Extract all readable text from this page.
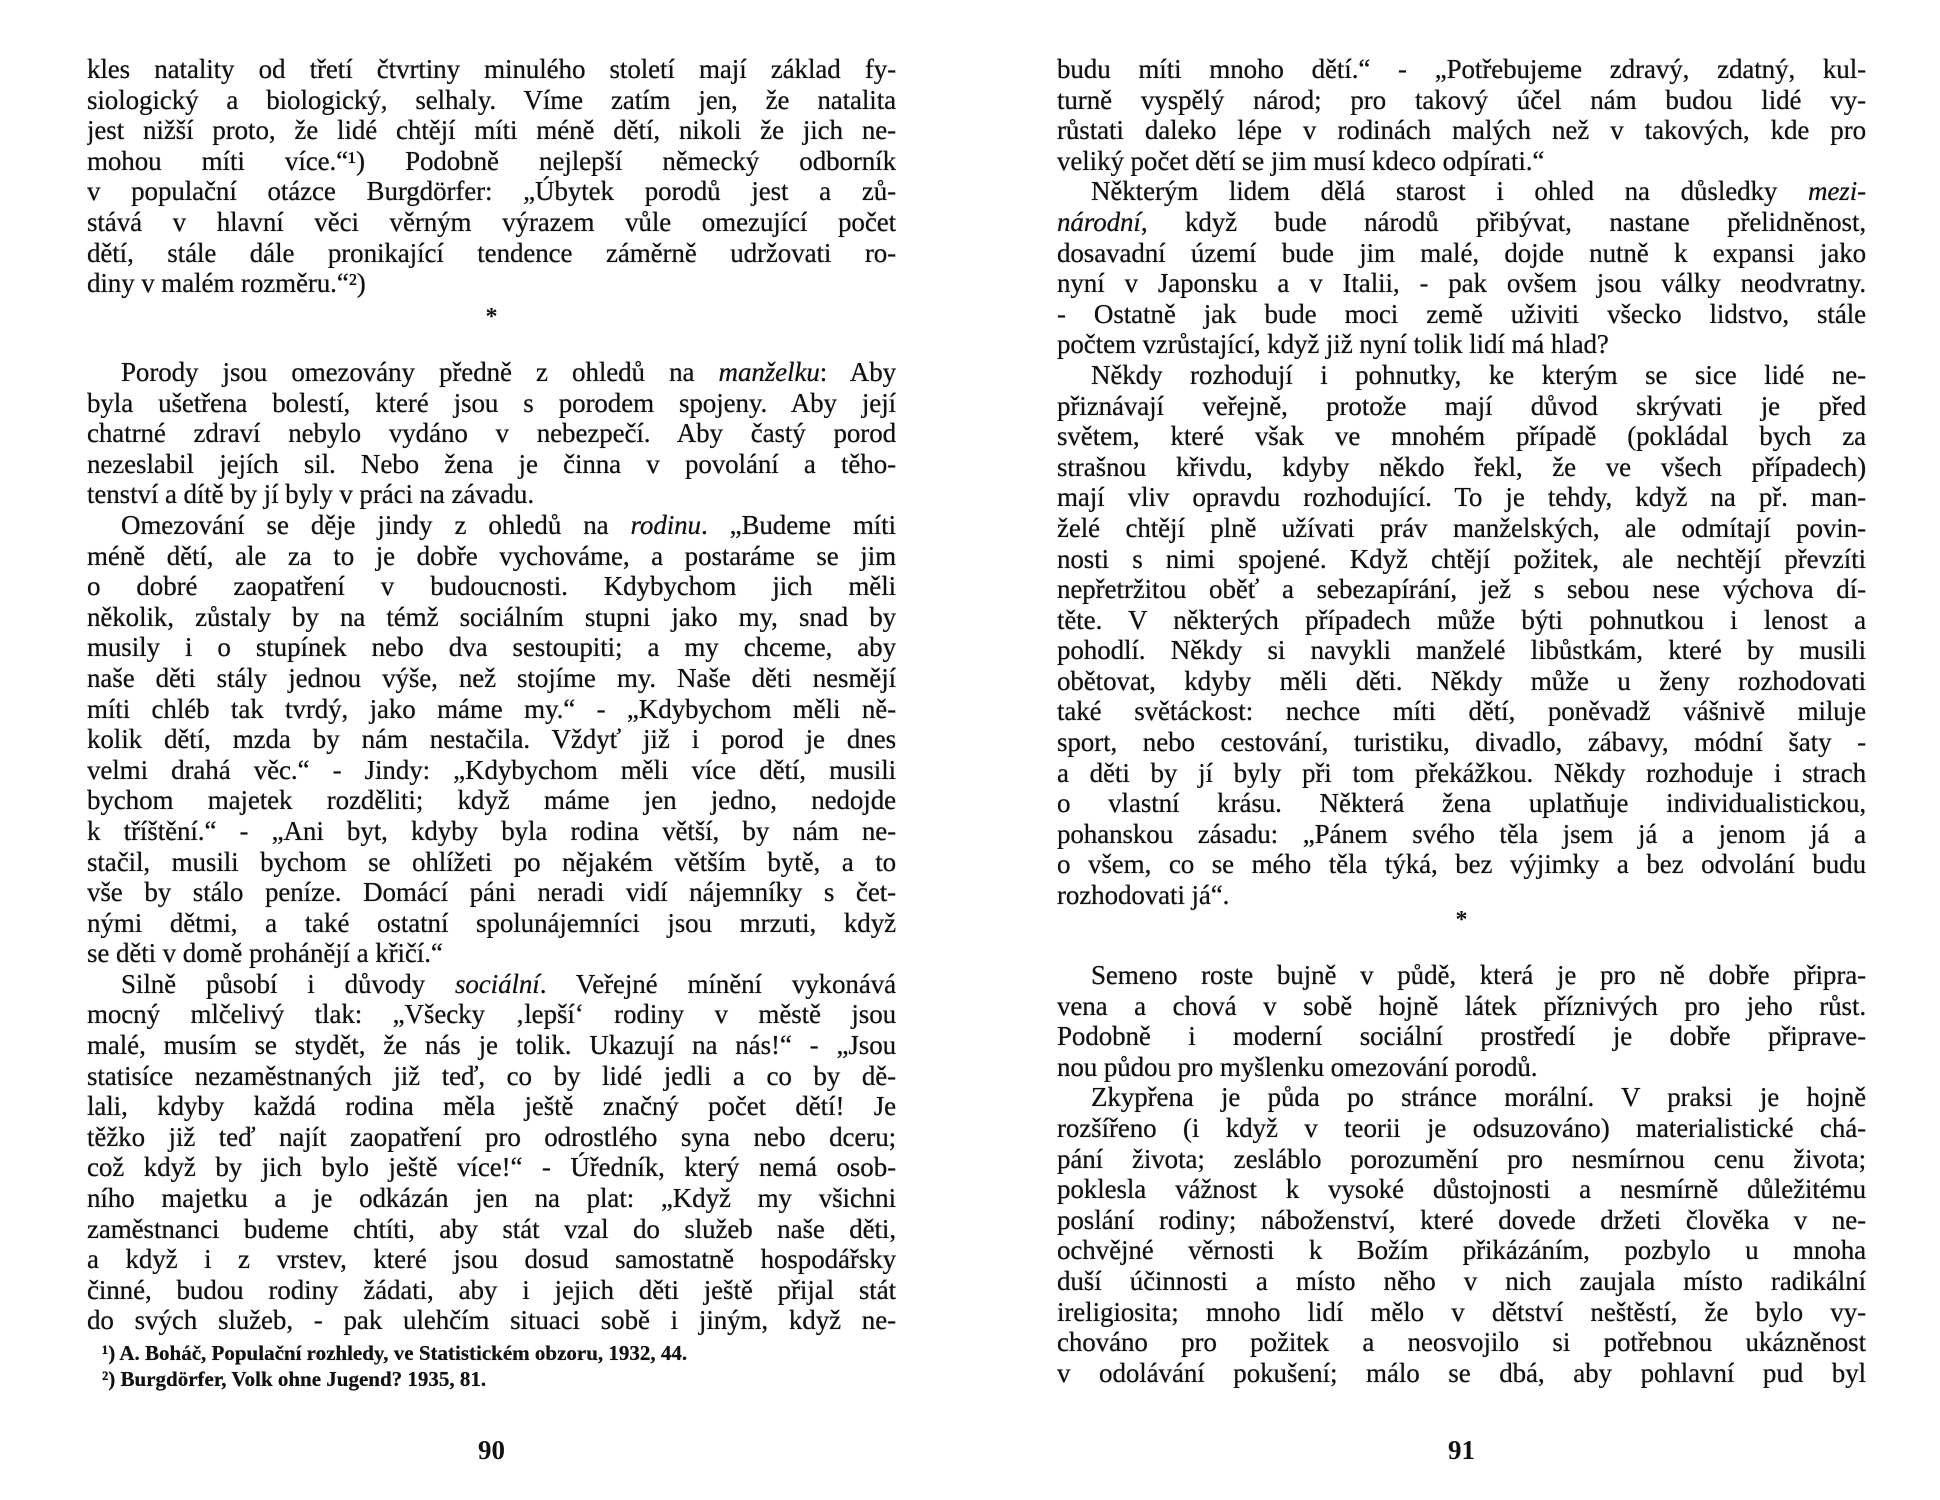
kles natality od třetí čtvrtiny minulého století mají základ fy-
siologický a biologický, selhaly. Víme zatím jen, že natalita
jest nižší proto, že lidé chtějí míti méně dětí, nikoli že jich ne-
mohou míti více.“¹) Podobně nejlepší německý odborník
v populační otázce Burgdörfer: „Úbytek porodů jest a zů-
stává v hlavní věci věrným výrazem vůle omezující počet
dětí, stále dále pronikající tendence záměrně udržovati ro-
diny v malém rozměru.“²)
*
Porody jsou omezovány předně z ohledů na manželku: Aby
byla ušetřena bolestí, které jsou s porodem spojeny. Aby její
chatrné zdraví nebylo vydáno v nebezpečí. Aby častý porod
nezeslabil jejích sil. Nebo žena je činna v povolání a těho-
tenství a dítě by jí byly v práci na závadu.
Omezování se děje jindy z ohledů na rodinu. „Budeme míti
méně dětí, ale za to je dobře vychováme, a postaráme se jim
o dobré zaopatření v budoucnosti. Kdybychom jich měli
několik, zůstaly by na témž sociálním stupni jako my, snad by
musily i o stupínek nebo dva sestoupiti; a my chceme, aby
naše děti stály jednou výše, než stojíme my. Naše děti nesmějí
míti chléb tak tvrdý, jako máme my.“ - „Kdybychom měli ně-
kolik dětí, mzda by nám nestačila. Vždyť již i porod je dnes
velmi drahá věc.“ - Jindy: „Kdybychom měli více dětí, musili
bychom majetek rozděliti; když máme jen jedno, nedojde
k tříštění.“ - „Ani byt, kdyby byla rodina větší, by nám ne-
stačil, musili bychom se ohlížeti po nějakém větším bytě, a to
vše by stálo peníze. Domácí páni neradi vidí nájemníky s čet-
nými dětmi, a také ostatní spolunájemníci jsou mrzuti, když
se děti v domě prohánějí a křičí.“
Silně působí i důvody sociální. Veřejné mínění vykonává
mocný mlčelivý tlak: „Všecky ‚lepší‘ rodiny v městě jsou
malé, musím se stydět, že nás je tolik. Ukazují na nás!“ - „Jsou
statisíce nezaměstnaných již teď, co by lidé jedli a co by dě-
lali, kdyby každá rodina měla ještě značný počet dětí! Je
těžko již teď najít zaopatření pro odrostlého syna nebo dceru;
což když by jich bylo ještě více!“ - Úředník, který nemá osob-
ního majetku a je odkázán jen na plat: „Když my všichni
zaměstnanci budeme chtíti, aby stát vzal do služeb naše děti,
a když i z vrstev, které jsou dosud samostatně hospodářsky
činné, budou rodiny žádati, aby i jejich děti ještě přijal stát
do svých služeb, - pak ulehčím situaci sobě i jiným, když ne-
¹) A. Boháč, Populační rozhledy, ve Statistickém obzoru, 1932, 44.
²) Burgdörfer, Volk ohne Jugend? 1935, 81.
90
budu míti mnoho dětí.“ - „Potřebujeme zdravý, zdatný, kul-
turně vyspělý národ; pro takový účel nám budou lidé vy-
růstati daleko lépe v rodinách malých než v takových, kde pro
veliký počet dětí se jim musí kdeco odpírati.“
Některým lidem dělá starost i ohled na důsledky mezi-
národní, když bude národů přibývat, nastane přelidněnost,
dosavadní území bude jim malé, dojde nutně k expansi jako
nyní v Japonsku a v Italii, - pak ovšem jsou války neodvratny.
- Ostatně jak bude moci země uživiti všecko lidstvo, stále
počtem vzrůstající, když již nyní tolik lidí má hlad?
Někdy rozhodují i pohnutky, ke kterým se sice lidé ne-
přiznávají veřejně, protože mají důvod skrývati je před
světem, které však ve mnohém případě (pokládal bych za
strašnou křivdu, kdyby někdo řekl, že ve všech případech)
mají vliv opravdu rozhodující. To je tehdy, když na př. man-
želé chtějí plně užívati práv manželských, ale odmítají povin-
nosti s nimi spojené. Když chtějí požitek, ale nechtějí převzíti
nepřetržitou oběť a sebezapírání, jež s sebou nese výchova dí-
těte. V některých případech může býti pohnutkou i lenost a
pohodlí. Někdy si navykli manželé libůstkám, které by musili
obětovat, kdyby měli děti. Někdy může u ženy rozhodovati
také světáckost: nechce míti dětí, poněvadž vášnivě miluje
sport, nebo cestování, turistiku, divadlo, zábavy, módní šaty -
a děti by jí byly při tom překážkou. Někdy rozhoduje i strach
o vlastní krásu. Některá žena uplatňuje individualistickou,
pohanskou zásadu: „Pánem svého těla jsem já a jenom já a
o všem, co se mého těla týká, bez výjimky a bez odvolání budu
rozhodovati já“.
*
Semeno roste bujně v půdě, která je pro ně dobře připra-
vena a chová v sobě hojně látek příznivých pro jeho růst.
Podobně i moderní sociální prostředí je dobře připrave-
nou půdou pro myšlenku omezování porodů.
Zkypřena je půda po stránce morální. V praksi je hojně
rozšířeno (i když v teorii je odsuzováno) materialistické chá-
pání života; zesláblo porozumění pro nesmírnou cenu života;
poklesla vážnost k vysoké důstojnosti a nesmírně důležitému
poslání rodiny; náboženství, které dovede držeti člověka v ne-
ochvějné věrnosti k Božím přikázáním, pozbylo u mnoha
duší účinnosti a místo něho v nich zaujala místo radikální
ireligiosita; mnoho lidí mělo v dětství neštěstí, že bylo vy-
chováno pro požitek a neosvojilo si potřebnou ukázněnost
v odolávání pokušení; málo se dbá, aby pohlavní pud byl
91
